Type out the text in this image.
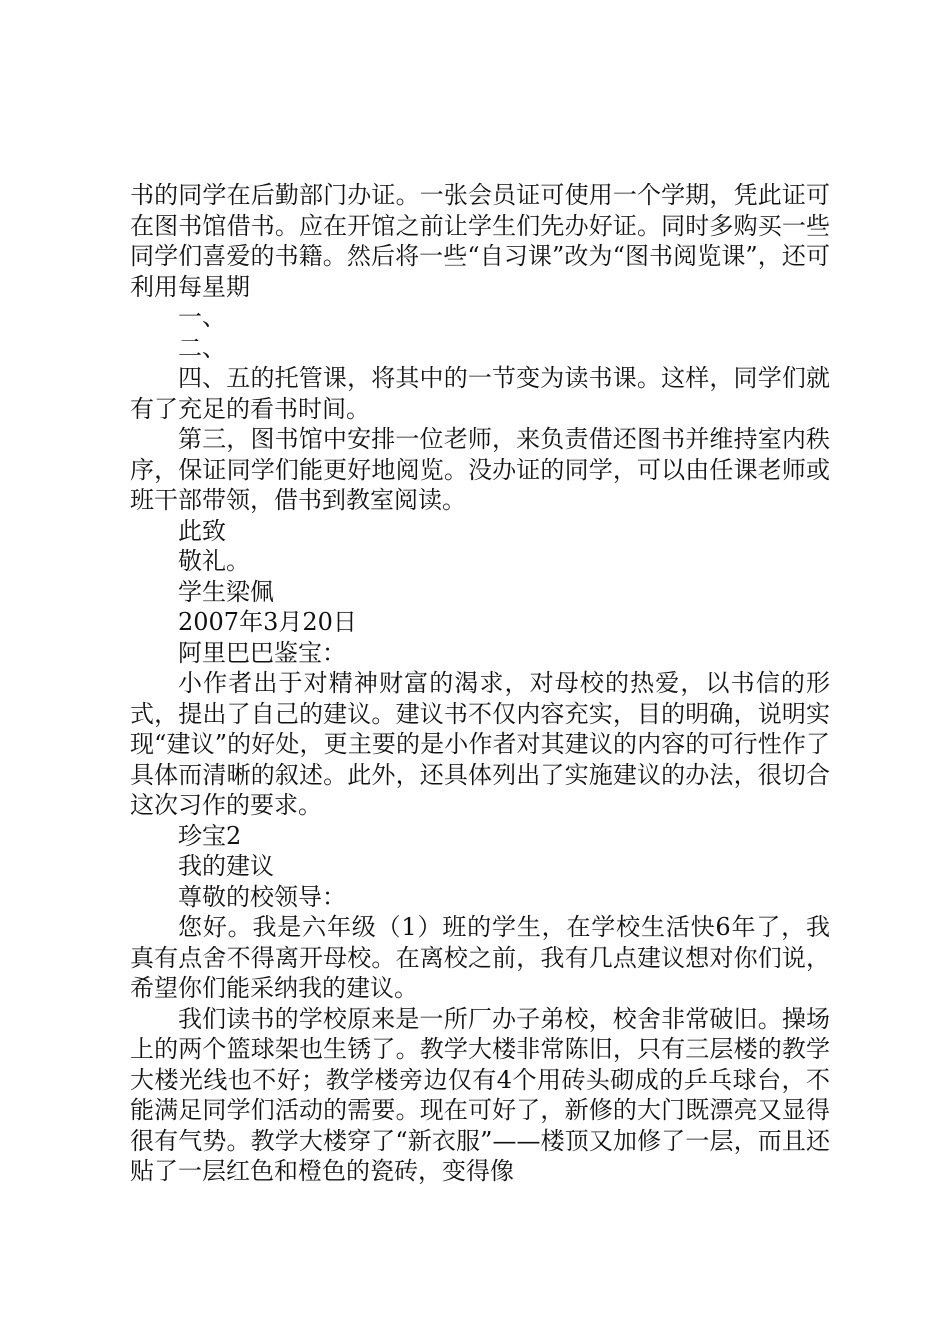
书的同学在后勤部门办证。一张会员证可使用一个学期，凭此证可在图书馆借书。应在开馆之前让学生们先办好证。同时多购买一些同学们喜爱的书籍。然后将一些“自习课”改为“图书阅览课”，还可利用每星期

一、

二、

四、五的托管课，将其中的一节变为读书课。这样，同学们就有了充足的看书时间。

第三，图书馆中安排一位老师，来负责借还图书并维持室内秩序，保证同学们能更好地阅览。没办证的同学，可以由任课老师或班干部带领，借书到教室阅读。

此致

敬礼。

学生梁佩

2007年3月20日

阿里巴巴鉴宝：

小作者出于对精神财富的渴求，对母校的热爱，以书信的形式，提出了自己的建议。建议书不仅内容充实，目的明确，说明实现“建议”的好处，更主要的是小作者对其建议的内容的可行性作了具体而清晰的叙述。此外，还具体列出了实施建议的办法，很切合这次习作的要求。

珍宝2

我的建议

尊敬的校领导：

您好。我是六年级（1）班的学生，在学校生活快6年了，我真有点舍不得离开母校。在离校之前，我有几点建议想对你们说，希望你们能采纳我的建议。

我们读书的学校原来是一所厂办子弟校，校舍非常破旧。操场上的两个篮球架也生锈了。教学大楼非常陈旧，只有三层楼的教学大楼光线也不好；教学楼旁边仅有4个用砖头砌成的乒乓球台，不能满足同学们活动的需要。现在可好了，新修的大门既漂亮又显得很有气势。教学大楼穿了“新衣服”——楼顶又加修了一层，而且还贴了一层红色和橙色的瓷砖，变得像
